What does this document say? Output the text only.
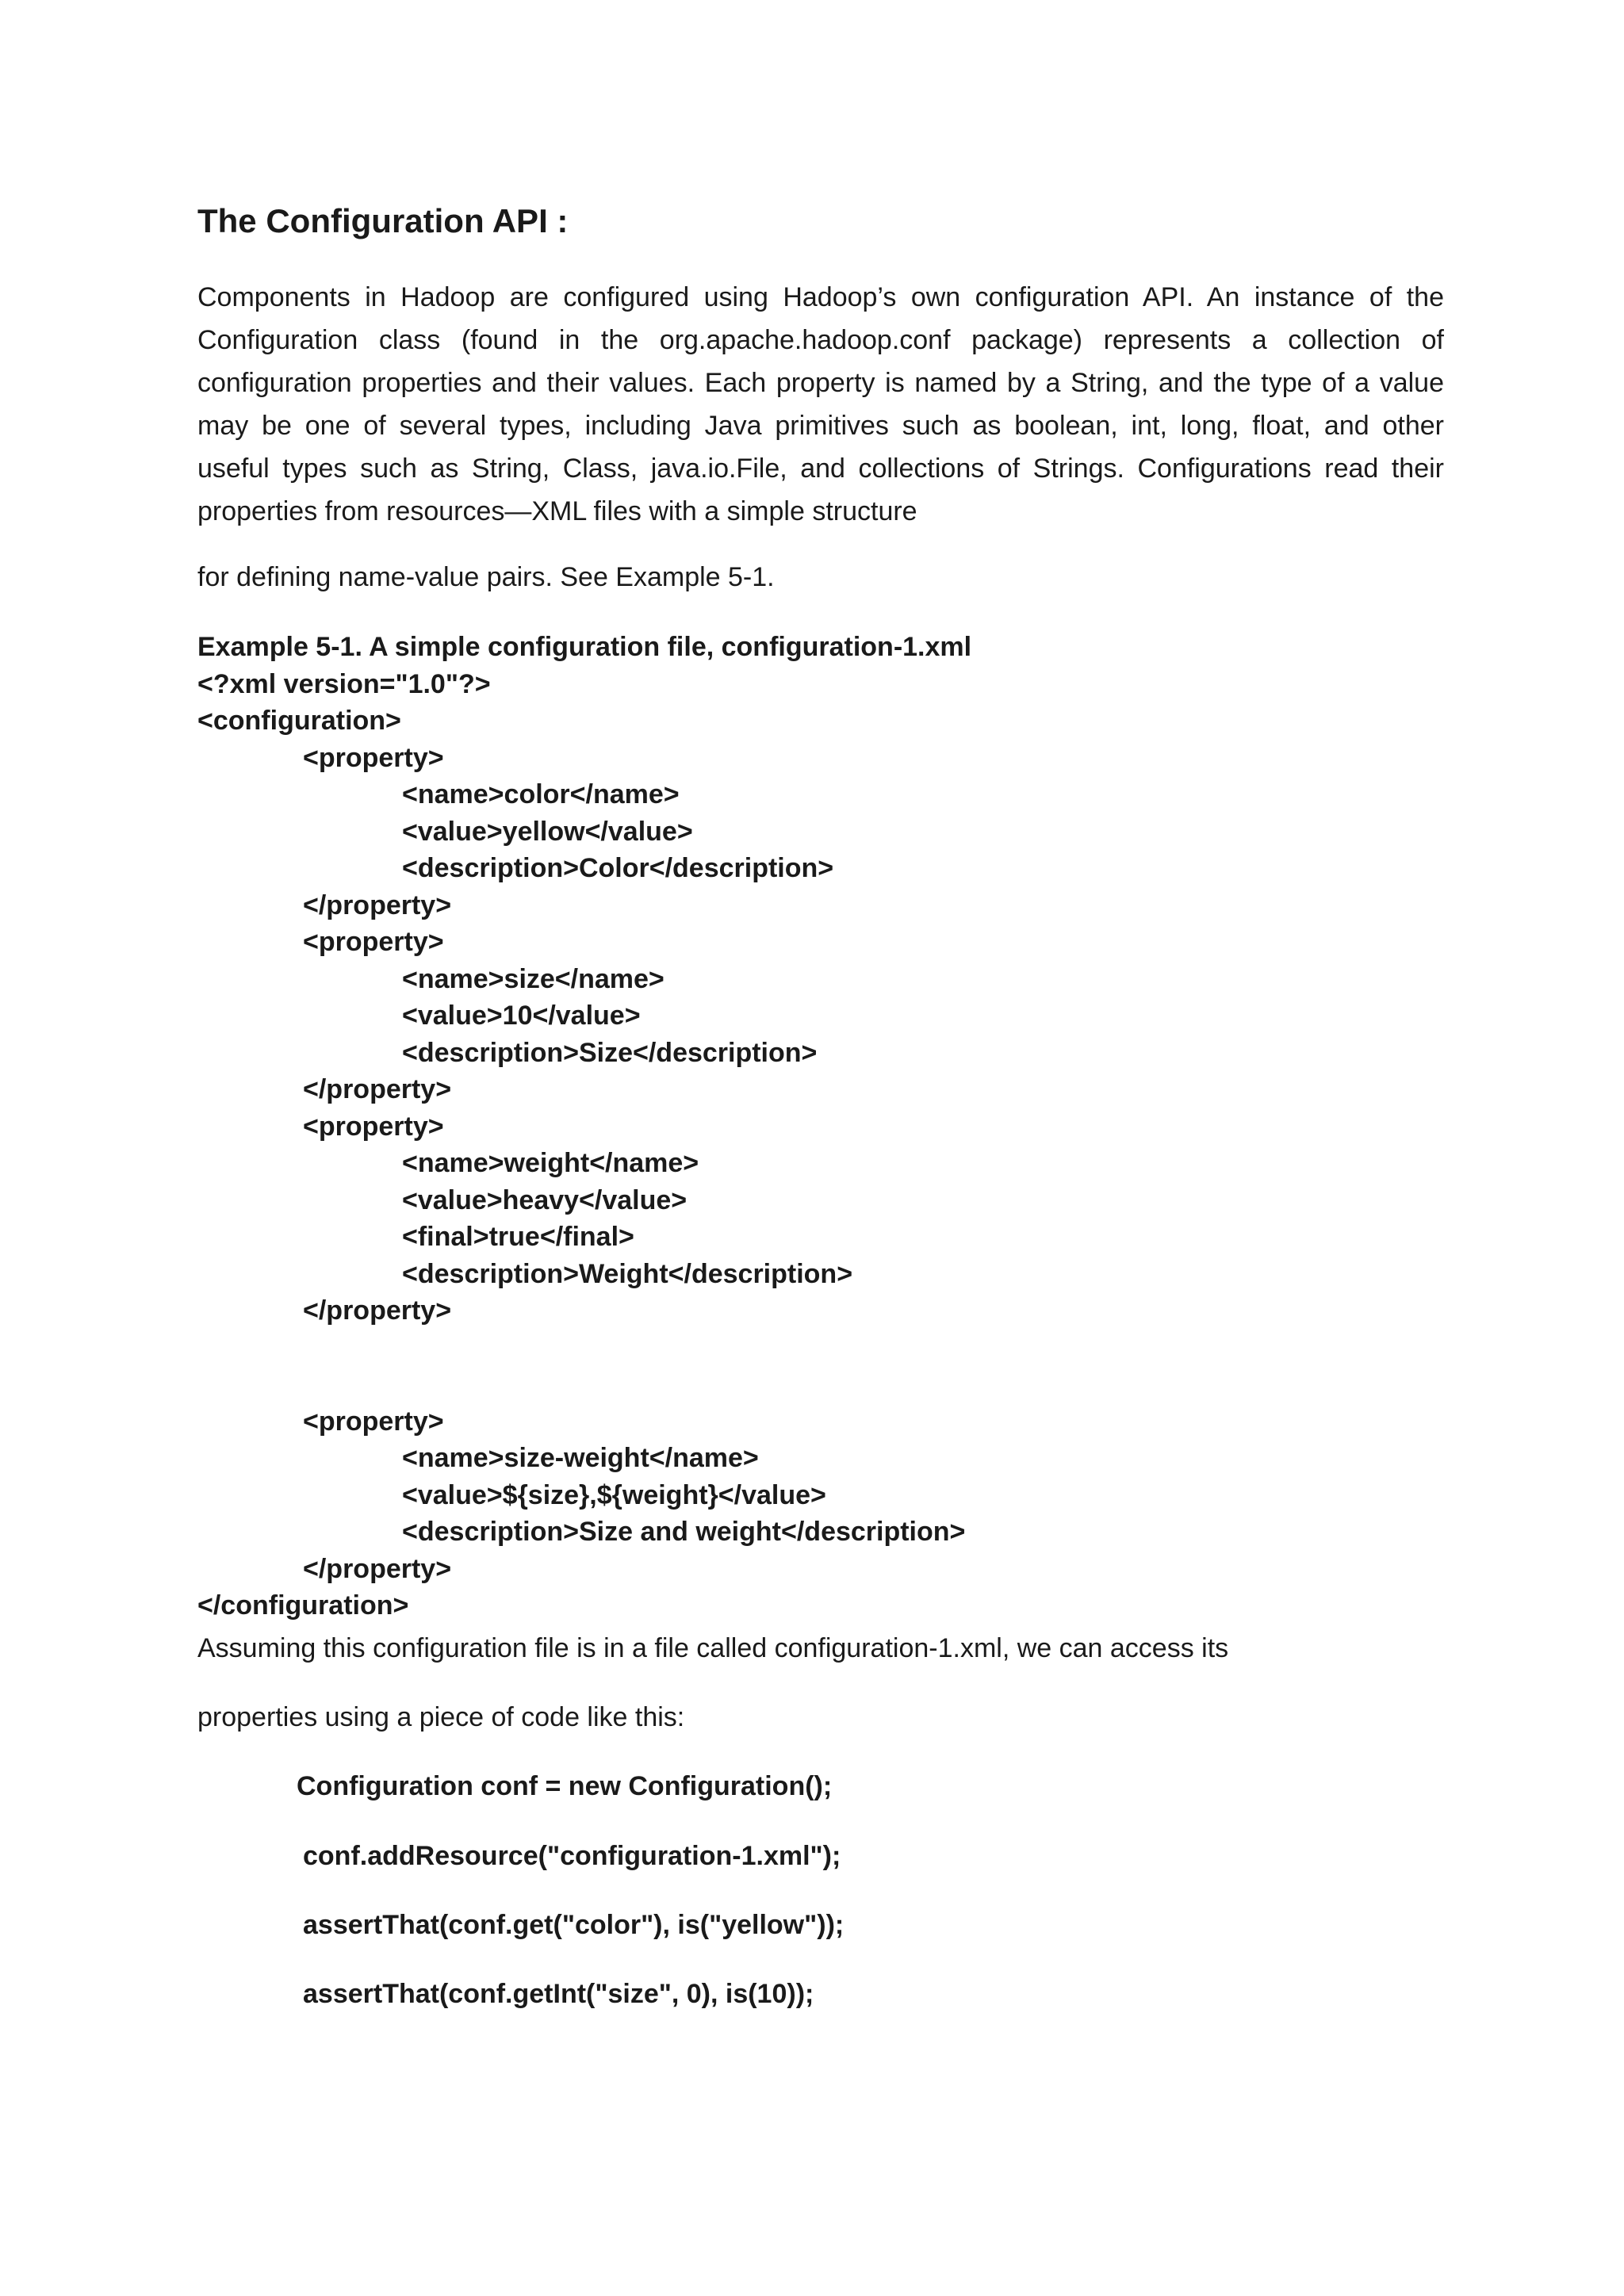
The Configuration API :

Components in Hadoop are configured using Hadoop’s own configuration API. An instance of the
Configuration class (found in the org.apache.hadoop.conf package) represents a collection of
configuration properties and their values. Each property is named by a String, and the type of a value
may be one of several types, including Java primitives such as boolean, int, long, float, and other
useful types such as String, Class, java.io.File, and collections of Strings. Configurations read their
properties from resources—XML files with a simple structure

for defining name-value pairs. See Example 5-1.
Example 5-1. A simple configuration file, configuration-1.xml
<?xml version="1.0"?>
<configuration>
<property>
<name>color</name>
<value>yellow</value>
<description>Color</description>
</property>
<property>
<name>size</name>
<value>10</value>
<description>Size</description>
</property>
<property>
<name>weight</name>
<value>heavy</value>
<final>true</final>
<description>Weight</description>
</property>
<property>
<name>size-weight</name>
<value>${size},${weight}</value>
<description>Size and weight</description>
</property>
</configuration>
Assuming this configuration file is in a file called configuration-1.xml, we can access its
properties using a piece of code like this:
Configuration conf = new Configuration();
conf.addResource("configuration-1.xml");
assertThat(conf.get("color"), is("yellow"));
assertThat(conf.getInt("size", 0), is(10));
